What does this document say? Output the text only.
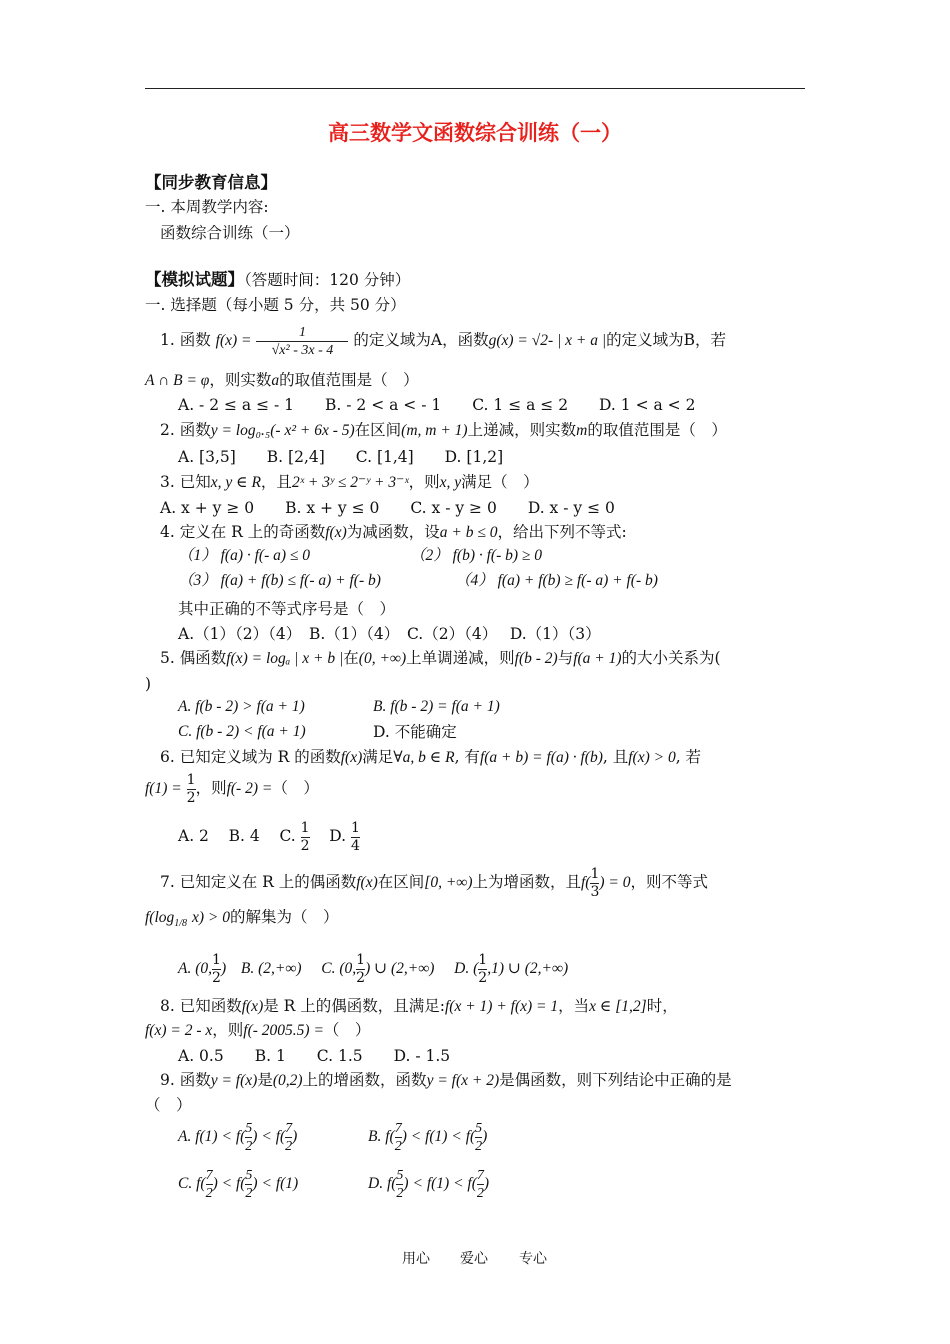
高三数学文函数综合训练（一）
【同步教育信息】
一. 本周教学内容:
函数综合训练（一）
【模拟试题】（答题时间：120 分钟）
一. 选择题（每小题 5 分，共 50 分）
1. 函数 $f(x) = \frac{1}{\text{√x² - 3x - 4}}$ 的定义域为A，函数g(x) = √2- | x + a |的定义域为B，若
A ∩ B = φ，则实数a的取值范围是（　）
A. - 2 ≤ a ≤ - 1　　B. - 2 < a < - 1　　C. 1 ≤ a ≤ 2　　D. 1 < a < 2
2. 函数y = log₀.₅(- x² + 6x - 5)在区间(m, m + 1)上递减，则实数m的取值范围是（　）
A. [3,5]　　B. [2,4]　　C. [1,4]　　D. [1,2]
3. 已知x, y ∈ R，且2ˣ + 3ʸ ≤ 2⁻ʸ + 3⁻ˣ，则x, y满足（　）
A. x + y ≥ 0　　B. x + y ≤ 0　　C. x - y ≥ 0　　D. x - y ≤ 0
4. 定义在 R 上的奇函数f(x)为减函数，设a + b ≤ 0，给出下列不等式:
（1） f(a) · f(- a) ≤ 0	（2） f(b) · f(- b) ≥ 0
（3） f(a) + f(b) ≤ f(- a) + f(- b)	（4） f(a) + f(b) ≥ f(- a) + f(- b)
其中正确的不等式序号是（　）
A.（1）（2）（4）　B.（1）（4）　C.（2）（4）　 D.（1）（3）
5. 偶函数f(x) = logₐ | x + b |在(0, +∞)上单调递减，则f(b - 2)与f(a + 1)的大小关系为(
)
A. f(b - 2) > f(a + 1)	B. f(b - 2) = f(a + 1)
C. f(b - 2) < f(a + 1)	D. 不能确定
6. 已知定义域为 R 的函数f(x)满足∀a, b ∈ R, 有f(a + b) = f(a) · f(b), 且f(x) > 0, 若
$f(1) = \frac{1}{2}$ ，则f(- 2) =（　）
A. 2 B. 4 C. $\frac{1}{2} D$. $\frac{1}{4}$
7. 已知定义在 R 上的偶函数f(x)在区间[0, +∞)上为增函数，且$f( \frac{1}{3}$ ) = 0，则不等式
$f(\log_{1/8}$ x) > 0的解集为（　）
A. (0, $\frac{1}{2}$ ) B. (2,+∞) C. (0, $\frac{1}{2}$ ) ∪ (2,+∞) D. ( $\frac{1}{2} ,1$) ∪ (2,+∞)
8. 已知函数f(x)是 R 上的偶函数，且满足:f(x + 1) + f(x) = 1，当x ∈ [1,2]时，
f(x) = 2 - x，则f(- 2005.5) =（　）
A. 0.5　　B. 1　　C. 1.5　　D. - 1.5
9. 函数y = f(x)是(0,2)上的增函数，函数y = f(x + 2)是偶函数，则下列结论中正确的是
（　）
A. $f(1) < f( \frac{5}{2}$ ) < $f( \frac{7}{2}$ )	B. $f( \frac{7}{2}$ ) < $f(1) < f( \frac{5}{2}$ )
C. $f( \frac{7}{2}$ ) < $f( \frac{5}{2}$ ) < f(1)	D. $f( \frac{5}{2}$ ) < $f(1) < f( \frac{7}{2}$ )
用心 爱心 专心
